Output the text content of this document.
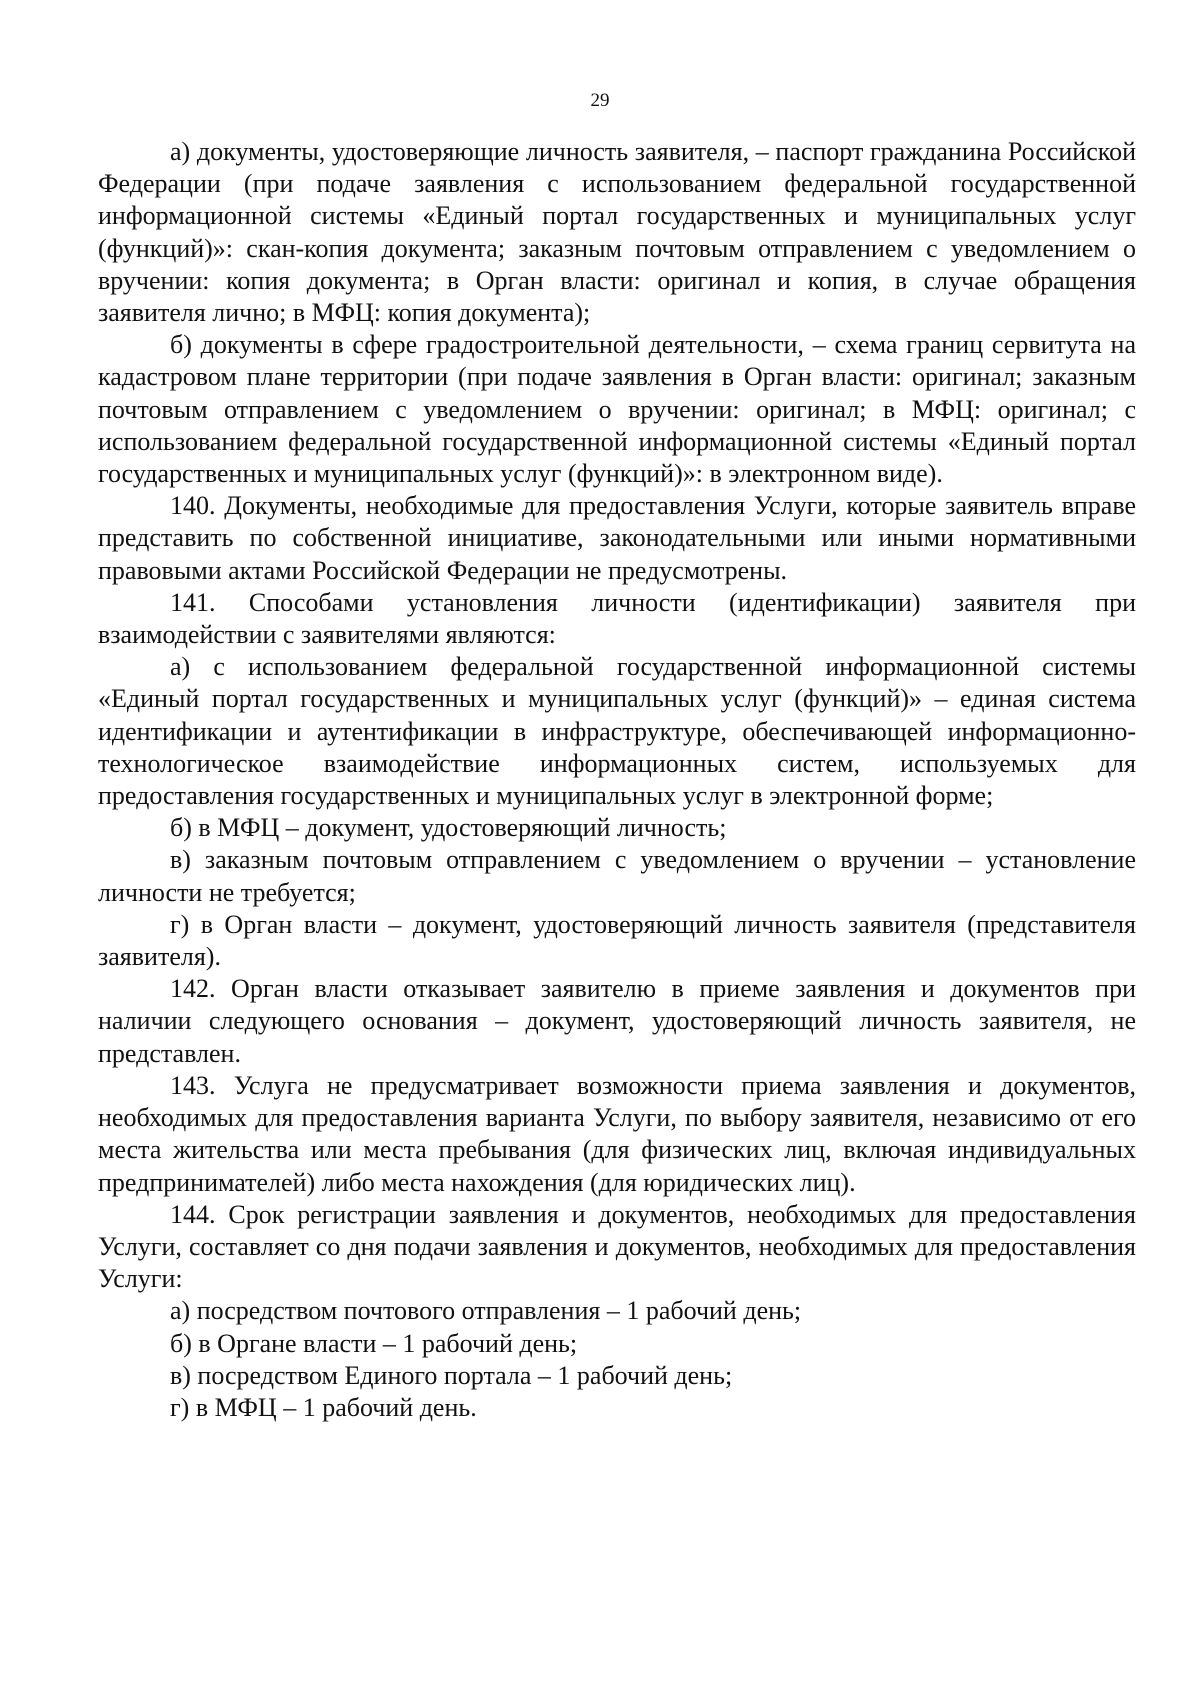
29

а) документы, удостоверяющие личность заявителя, – паспорт гражданина Российской Федерации (при подаче заявления с использованием федеральной государственной информационной системы «Единый портал государственных и муниципальных услуг (функций)»: скан-копия документа; заказным почтовым отправлением с уведомлением о вручении: копия документа; в Орган власти: оригинал и копия, в случае обращения заявителя лично; в МФЦ: копия документа);

б) документы в сфере градостроительной деятельности, – схема границ сервитута на кадастровом плане территории (при подаче заявления в Орган власти: оригинал; заказным почтовым отправлением с уведомлением о вручении: оригинал; в МФЦ: оригинал; с использованием федеральной государственной информационной системы «Единый портал государственных и муниципальных услуг (функций)»: в электронном виде).

140. Документы, необходимые для предоставления Услуги, которые заявитель вправе представить по собственной инициативе, законодательными или иными нормативными правовыми актами Российской Федерации не предусмотрены.

141. Способами установления личности (идентификации) заявителя при взаимодействии с заявителями являются:

а) с использованием федеральной государственной информационной системы «Единый портал государственных и муниципальных услуг (функций)» – единая система идентификации и аутентификации в инфраструктуре, обеспечивающей информационно-технологическое взаимодействие информационных систем, используемых для предоставления государственных и муниципальных услуг в электронной форме;

б) в МФЦ – документ, удостоверяющий личность;

в) заказным почтовым отправлением с уведомлением о вручении – установление личности не требуется;

г) в Орган власти – документ, удостоверяющий личность заявителя (представителя заявителя).

142. Орган власти отказывает заявителю в приеме заявления и документов при наличии следующего основания – документ, удостоверяющий личность заявителя, не представлен.

143. Услуга не предусматривает возможности приема заявления и документов, необходимых для предоставления варианта Услуги, по выбору заявителя, независимо от его места жительства или места пребывания (для физических лиц, включая индивидуальных предпринимателей) либо места нахождения (для юридических лиц).

144. Срок регистрации заявления и документов, необходимых для предоставления Услуги, составляет со дня подачи заявления и документов, необходимых для предоставления Услуги:

а) посредством почтового отправления – 1 рабочий день;

б) в Органе власти – 1 рабочий день;

в) посредством Единого портала – 1 рабочий день;

г) в МФЦ – 1 рабочий день.
